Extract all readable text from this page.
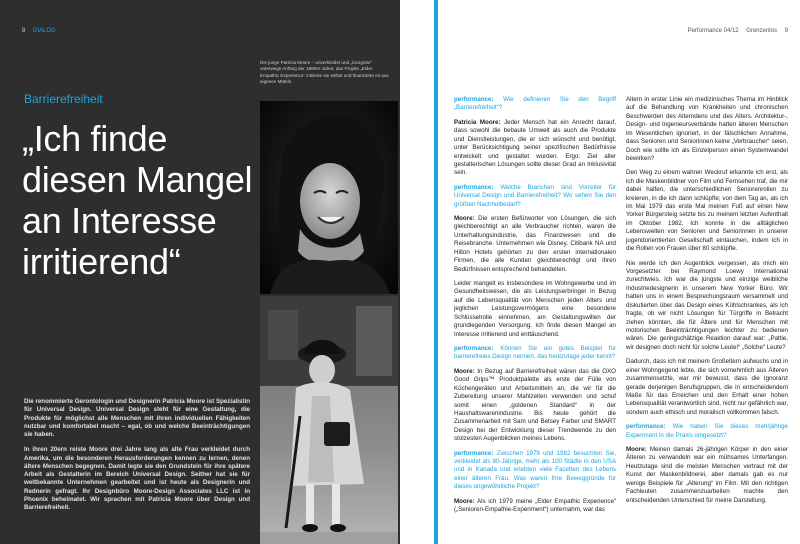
8 DIALOG
Die junge Patricia Moore – unverkleidet und „incognito“ unterwegs Anfang der 1980er-Jahre; das Projekt „Elder Empathic Experience“ initiierte sie selbst und finanzierte es aus eigenen Mitteln.
Barrierefreiheit
„Ich finde diesen Mangel an Interesse irritierend“

Die renommierte Gerontologin und Designerin Patricia Moore ist Spezialistin für Universal Design. Universal Design steht für eine Gestaltung, die Produkte für möglichst alle Menschen mit ihren individuellen Fähigkeiten nutzbar und komfortabel macht – egal, ob und welche Beeinträchtigungen sie haben.

In ihren 20ern reiste Moore drei Jahre lang als alte Frau verkleidet durch Amerika, um die besonderen Herausforderungen kennen zu lernen, denen ältere Menschen begegnen. Damit legte sie den Grundstein für ihre spätere Arbeit als Gestalterin im Bereich Universal Design. Seither hat sie für weltbekannte Unternehmen gearbeitet und ist heute als Designerin und Rednerin gefragt. Ihr Designbüro Moore-Design Associates LLC ist in Phoenix beheimatet. Wir sprachen mit Patricia Moore über Design und Barrierefreiheit.

Performance 04/12 Grenzenlos 9

performance: Wie definieren Sie den Begriff „Barrierefreiheit“?

Patricia Moore: Jeder Mensch hat ein Anrecht darauf, dass sowohl die bebaute Umwelt als auch die Produkte und Dienstleistungen, die er sich wünscht und benötigt, unter Berücksichtigung seiner spezifischen Bedürfnisse entwickelt und gestaltet wurden. Ergo: Ziel aller gestalterischen Lösungen sollte dieser Grad an Inklusivität sein.

performance: Welche Branchen sind Vorreiter für Universal Design und Barrierefreiheit? Wo sehen Sie den größten Nachholbedarf?

Moore: Die ersten Befürworter von Lösungen, die sich gleichberechtigt an alle Verbraucher richten, waren die Unterhaltungsindustrie, das Finanzwesen und die Reisebranche. Unternehmen wie Disney, Citibank NA und Hilton Hotels gehörten zu den ersten internationalen Firmen, die alle Kunden gleichberechtigt und ihren Bedürfnissen entsprechend behandelten.

Leider mangelt es insbesondere im Wohngewerbe und im Gesundheitswesen, die als Leistungserbringer in Bezug auf die Lebensqualität von Menschen jeden Alters und jeglichen Leistungsvermögens eine besondere Schlüsselrolle einnehmen, am Gestaltungswillen der grundlegenden Versorgung. Ich finde diesen Mangel an Interesse irritierend und enttäuschend.

performance: Können Sie ein gutes Beispiel für barrierefreies Design nennen, das heutzutage jeder kennt?

Moore: In Bezug auf Barrierefreiheit wären das die OXO Good Grips™ Produktpalette als erste der Fülle von Küchengeräten und Arbeitsmitteln an, die wir für die Zubereitung unserer Mahlzeiten verwenden und schuf somit einen „goldenen Standard“ in der Haushaltswarenindustrie. Bis heute gehört die Zusammenarbeit mit Sam und Betsey Farber und SMART Design bei der Entwicklung dieser Trendwende zu den stolzesten Augenblicken meines Lebens.

performance: Zwischen 1979 und 1982 besuchten Sie, verkleidet als 80-Jährige, mehr als 100 Städte in den USA und in Kanada und erlebten viele Facetten des Lebens einer älteren Frau. Was waren Ihre Beweggründe für dieses ungewöhnliche Projekt?

Moore: Als ich 1979 meine „Elder Empathic Experience“ („Senioren-Empathie-Experiment“) unternahm, war das

Altern in erster Linie ein medizinisches Thema im Hinblick auf die Behandlung von Krankheiten und chronischen Beschwerden des Alterndens und des Alters. Architektur-, Design- und Ingenieursverbände hatten älteren Menschen im Wesentlichen ignoriert, in der fälschlichen Annahme, dass Senioren und Seniorinnen keine „Verbraucher“ seien. Doch wie sollte ich als Einzelperson einen Systemwandel bewirken?

Den Weg zu einem wahren Weckruf erkannte ich erst, als ich die Maskenbildner von Film und Fernsehen traf, die mir dabei halfen, die unterschiedlichen Seniorenrollen zu kreieren, in die ich dann schlüpfte; von dem Tag an, als ich im Mai 1979 das erste Mal meinen Fuß auf einen New Yorker Bürgersteig setzte bis zu meinem letzten Aufenthalt im Oktober 1982. Ich konnte in die alltäglichen Lebenswelten von Senioren und Seniorinnen in unserer jugendorientierten Gesellschaft eintauchen, indem ich in die Rollen von Frauen über 80 schlüpfte.

Nie werde ich den Augenblick vergessen, als mich ein Vorgesetzter bei Raymond Loewy International zurechtwies. Ich war die jüngste und einzige weibliche Industriedesignerin in unserem New Yorker Büro. Wir hatten uns in einem Besprechungsraum versammelt und diskutierten über das Design eines Kühlschrankes, als ich fragte, ob wir nicht Lösungen für Türgriffe in Betracht ziehen könnten, die für Ältere und für Menschen mit motorischen Beeinträchtigungen leichter zu bedienen wären. Die geringschätzige Reaktion darauf war: „Pattie, wir designen doch nicht für solche Leute!“ „Solche“ Leute?

Dadurch, dass ich mit meinem Großeltern aufwuchs und in einer Wohngegend lebte, die sich vornehmlich aus Älteren zusammensetzte, war mir bewusst, dass die Ignoranz gerade derjenigen Berufsgruppen, die in entscheidendem Maße für das Erreichen und den Erhalt einer hohen Lebensqualität verantwortlich sind, nicht nur gefährlich war, sondern auch ethisch und moralisch vollkommen falsch.

performance: Wie haben Sie dieses mehrjährige Experiment in die Praxis umgesetzt?

Moore: Meinen damals 26-jährigen Körper in den einer Älteren zu verwandeln war ein mühsames Unterfangen. Heutzutage sind die meisten Menschen vertraut mit der Kunst der Maskenbildnerei, aber damals gab es nur wenige Beispiele für „Alterung“ im Film. Mit den richtigen Fachleuten zusammenzuarbeiten machte den entscheidenden Unterschied für meine Darstellung.
